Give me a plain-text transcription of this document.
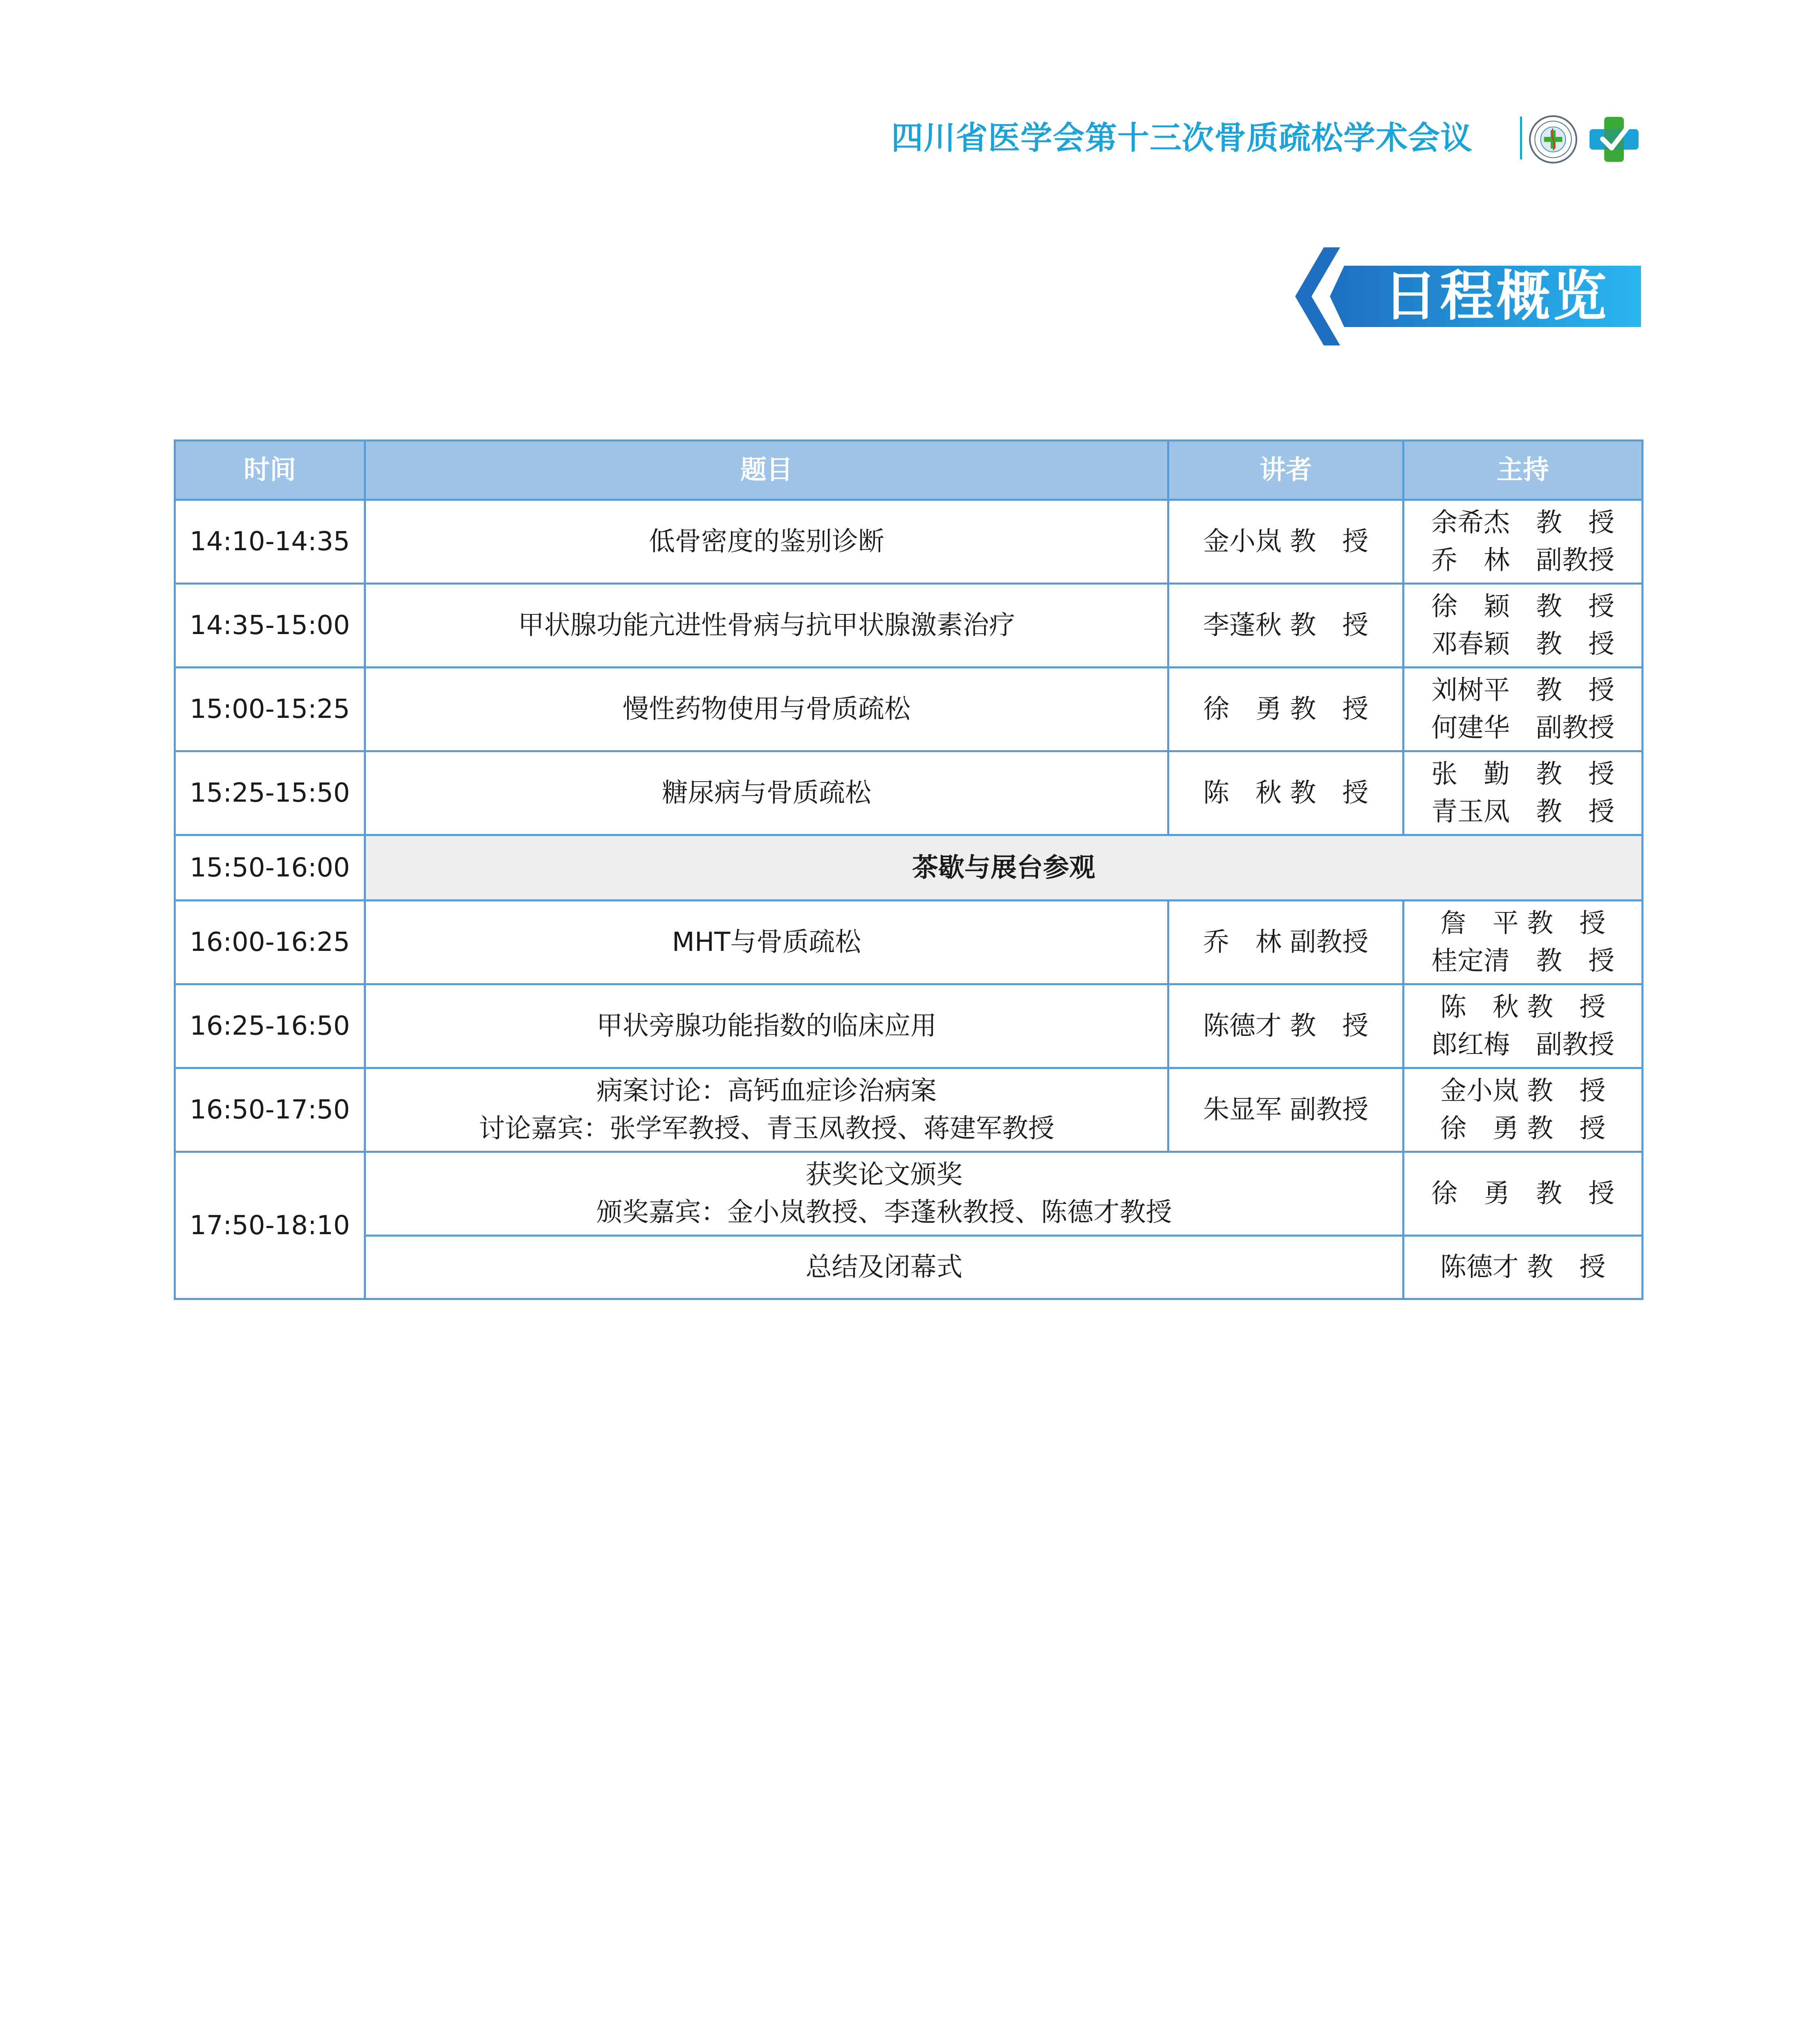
四川省医学会第十三次骨质疏松学术会议
日程概览
时间	题目	讲者	主持
14:10-14:35	低骨密度的鉴别诊断	金小岚 教　授	余希杰　教　授
乔　林　副教授

14:35-15:00	甲状腺功能亢进性骨病与抗甲状腺激素治疗	李蓬秋 教　授	徐　颖　教　授
邓春颖　教　授

15:00-15:25	慢性药物使用与骨质疏松	徐　勇 教　授	刘树平　教　授
何建华　副教授

15:25-15:50	糖尿病与骨质疏松	陈　秋 教　授	张　勤　教　授
青玉凤　教　授

15:50-16:00	茶歇与展台参观		

16:00-16:25	MHT与骨质疏松	乔　林 副教授	詹　平 教　授
桂定清　教　授

16:25-16:50	甲状旁腺功能指数的临床应用	陈德才 教　授	陈　秋 教　授
郎红梅　副教授

16:50-17:50	病案讨论：高钙血症诊治病案
讨论嘉宾：张学军教授、青玉凤教授、蒋建军教授	朱显军 副教授	金小岚 教　授
徐　勇 教　授

17:50-18:10	获奖论文颁奖
颁奖嘉宾：金小岚教授、李蓬秋教授、陈德才教授		徐　勇　教　授

	总结及闭幕式		陈德才 教　授
